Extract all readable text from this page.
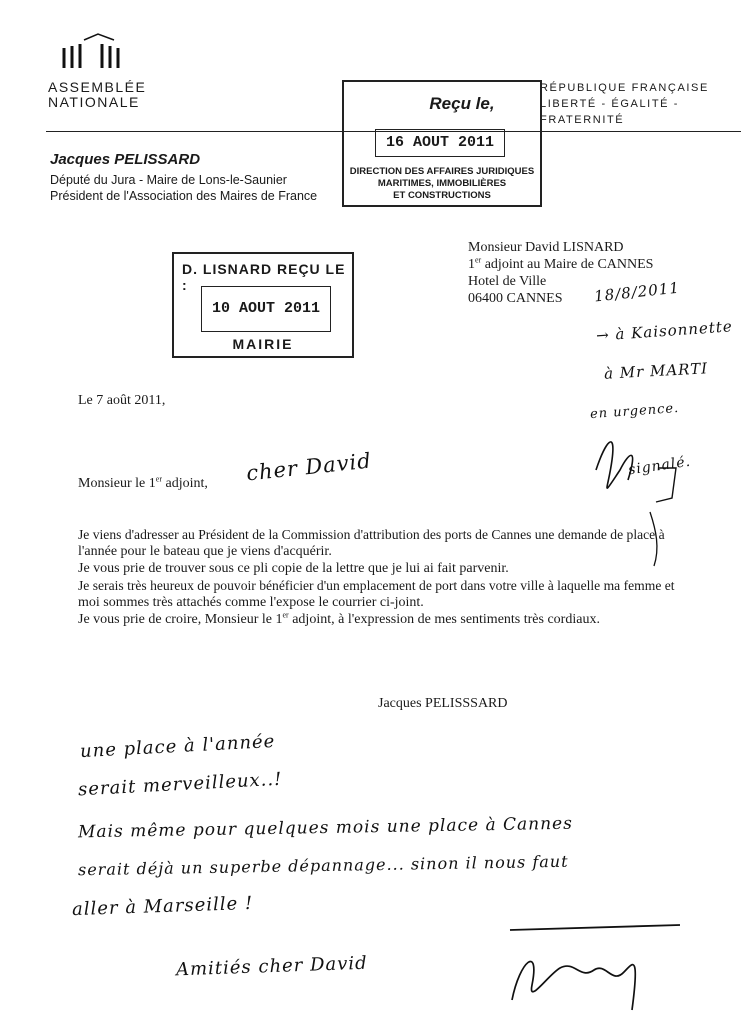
ASSEMBLÉE
NATIONALE
RÉPUBLIQUE FRANÇAISE
LIBERTÉ - ÉGALITÉ - FRATERNITÉ
Jacques PELISSARD
Député du Jura - Maire de Lons-le-Saunier
Président de l'Association des Maires de France
Reçu le,
16 AOUT 2011
DIRECTION DES AFFAIRES JURIDIQUES
MARITIMES, IMMOBILIÈRES
ET CONSTRUCTIONS
D. LISNARD REÇU LE :
10 AOUT 2011
MAIRIE
Monsieur David LISNARD
1er adjoint au Maire de CANNES
Hotel de Ville
06400 CANNES
Le 7 août 2011,
Monsieur le 1er adjoint,
Je viens d'adresser au Président de la Commission d'attribution des ports de Cannes une demande de place à
l'année pour le bateau que je viens d'acquérir.
Je vous prie de trouver sous ce pli copie de la lettre que je lui ai fait parvenir.
Je serais très heureux de pouvoir bénéficier d'un emplacement de port dans votre ville à laquelle ma femme et
moi sommes très attachés comme l'expose le courrier ci-joint.
Je vous prie de croire, Monsieur le 1er adjoint, à l'expression de mes sentiments très cordiaux.
Jacques PELISSSARD
cher David
18/8/2011
→ à Kaisonnette
à Mr MARTI
en urgence.
signalé.
une place à l'année
serait merveilleux..!
Mais même pour quelques mois une place à Cannes
serait déjà un superbe dépannage... sinon il nous faut
aller à Marseille !
Amitiés cher David
